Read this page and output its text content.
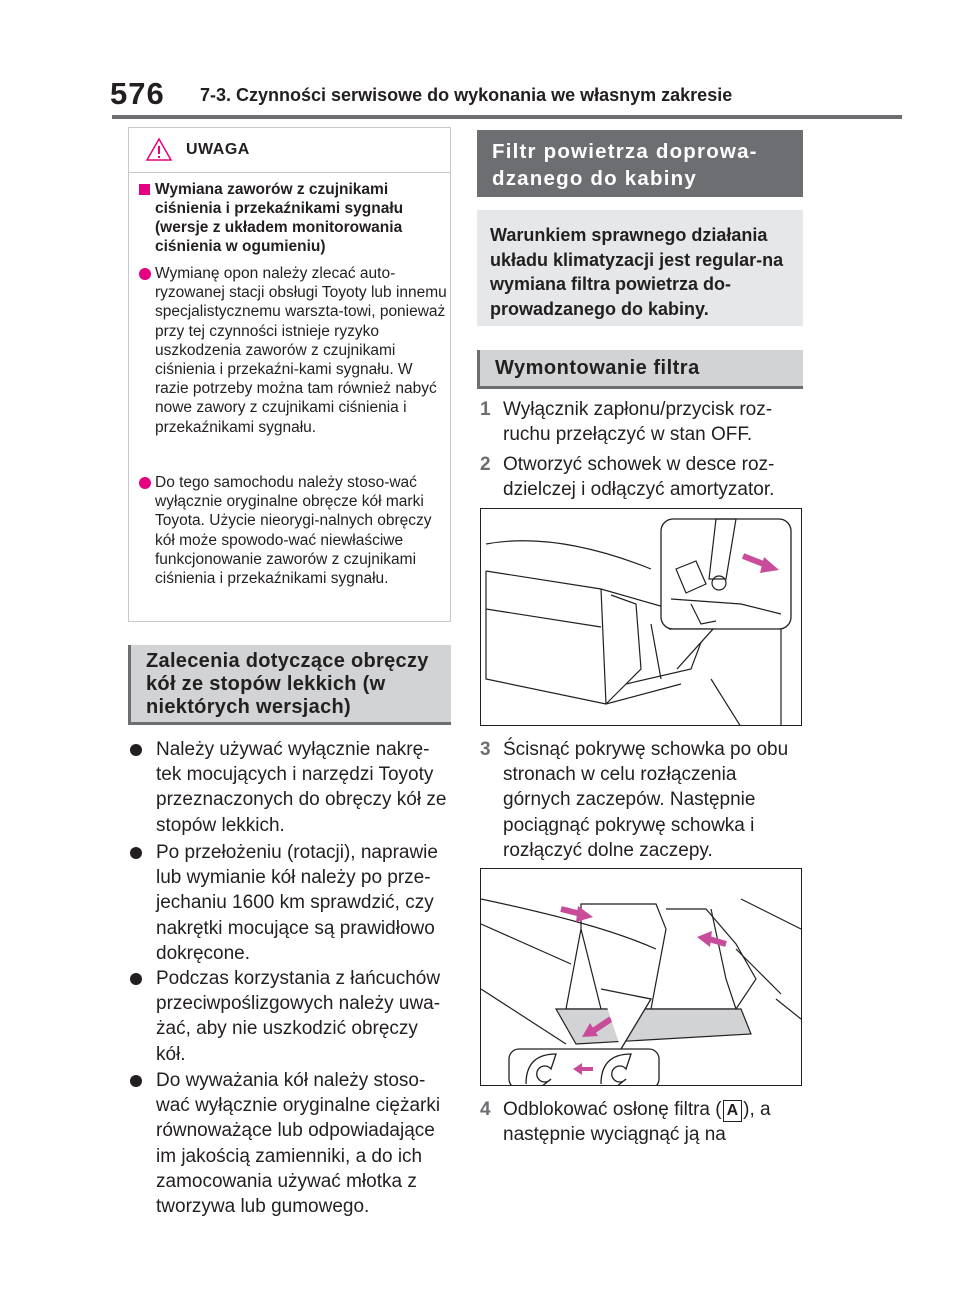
576 7-3. Czynności serwisowe do wykonania we własnym zakresie
UWAGA
Wymiana zaworów z czujnikami ciśnienia i przekaźnikami sygnału (wersje z układem monitorowania ciśnienia w ogumieniu)
Wymianę opon należy zlecać auto-ryzowanej stacji obsługi Toyoty lub innemu specjalistycznemu warszta-towi, ponieważ przy tej czynności istnieje ryzyko uszkodzenia zaworów z czujnikami ciśnienia i przekaźni-kami sygnału. W razie potrzeby można tam również nabyć nowe zawory z czujnikami ciśnienia i przekaźnikami sygnału.
Do tego samochodu należy stoso-wać wyłącznie oryginalne obręcze kół marki Toyota. Użycie nieorygi-nalnych obręczy kół może spowodo-wać niewłaściwe funkcjonowanie zaworów z czujnikami ciśnienia i przekaźnikami sygnału.
Zalecenia dotyczące obręczy kół ze stopów lekkich (w niektórych wersjach)
Należy używać wyłącznie nakrę-tek mocujących i narzędzi Toyoty przeznaczonych do obręczy kół ze stopów lekkich.
Po przełożeniu (rotacji), naprawie lub wymianie kół należy po prze-jechaniu 1600 km sprawdzić, czy nakrętki mocujące są prawidłowo dokręcone.
Podczas korzystania z łańcuchów przeciwpoślizgowych należy uwa-żać, aby nie uszkodzić obręczy kół.
Do wyważania kół należy stoso-wać wyłącznie oryginalne ciężarki równoważące lub odpowiadające im jakością zamienniki, a do ich zamocowania używać młotka z tworzywa lub gumowego.
Filtr powietrza doprowa-dzanego do kabiny
Warunkiem sprawnego działania układu klimatyzacji jest regular-na wymiana filtra powietrza do-prowadzanego do kabiny.
Wymontowanie filtra
1 Wyłącznik zapłonu/przycisk roz-ruchu przełączyć w stan OFF.
2 Otworzyć schowek w desce roz-dzielczej i odłączyć amortyzator.
3 Ścisnąć pokrywę schowka po obu stronach w celu rozłączenia górnych zaczepów. Następnie pociągnąć pokrywę schowka i rozłączyć dolne zaczepy.
4 Odblokować osłonę filtra ( A ), a następnie wyciągnąć ją na
